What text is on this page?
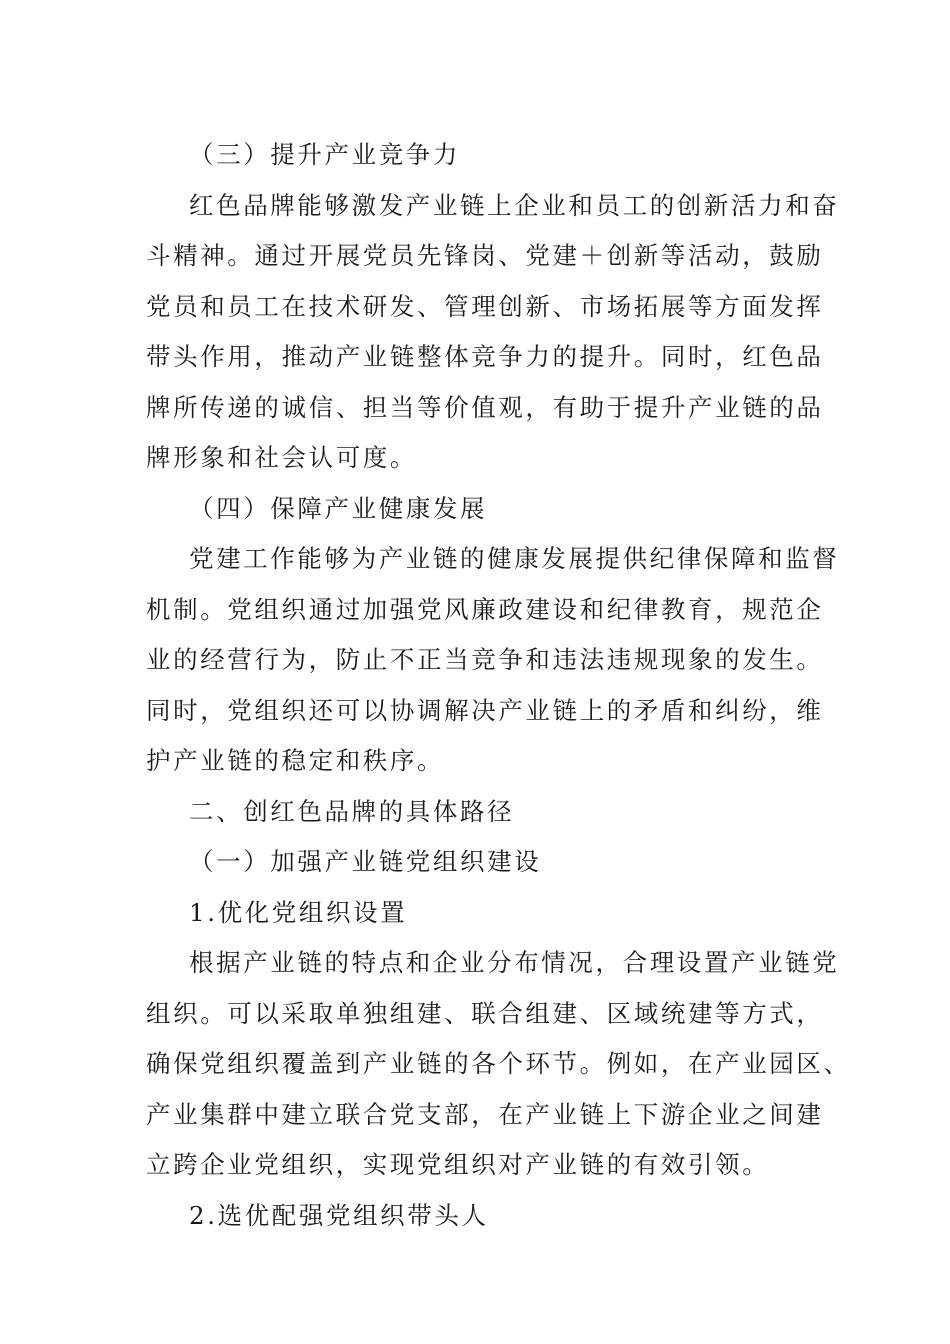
（三）提升产业竞争力
红色品牌能够激发产业链上企业和员工的创新活力和奋
斗精神。通过开展党员先锋岗、党建＋创新等活动，鼓励
党员和员工在技术研发、管理创新、市场拓展等方面发挥
带头作用，推动产业链整体竞争力的提升。同时，红色品
牌所传递的诚信、担当等价值观，有助于提升产业链的品
牌形象和社会认可度。
（四）保障产业健康发展
党建工作能够为产业链的健康发展提供纪律保障和监督
机制。党组织通过加强党风廉政建设和纪律教育，规范企
业的经营行为，防止不正当竞争和违法违规现象的发生。
同时，党组织还可以协调解决产业链上的矛盾和纠纷，维
护产业链的稳定和秩序。
二、创红色品牌的具体路径
（一）加强产业链党组织建设
1.优化党组织设置
根据产业链的特点和企业分布情况，合理设置产业链党
组织。可以采取单独组建、联合组建、区域统建等方式，
确保党组织覆盖到产业链的各个环节。例如，在产业园区、
产业集群中建立联合党支部，在产业链上下游企业之间建
立跨企业党组织，实现党组织对产业链的有效引领。
2.选优配强党组织带头人
